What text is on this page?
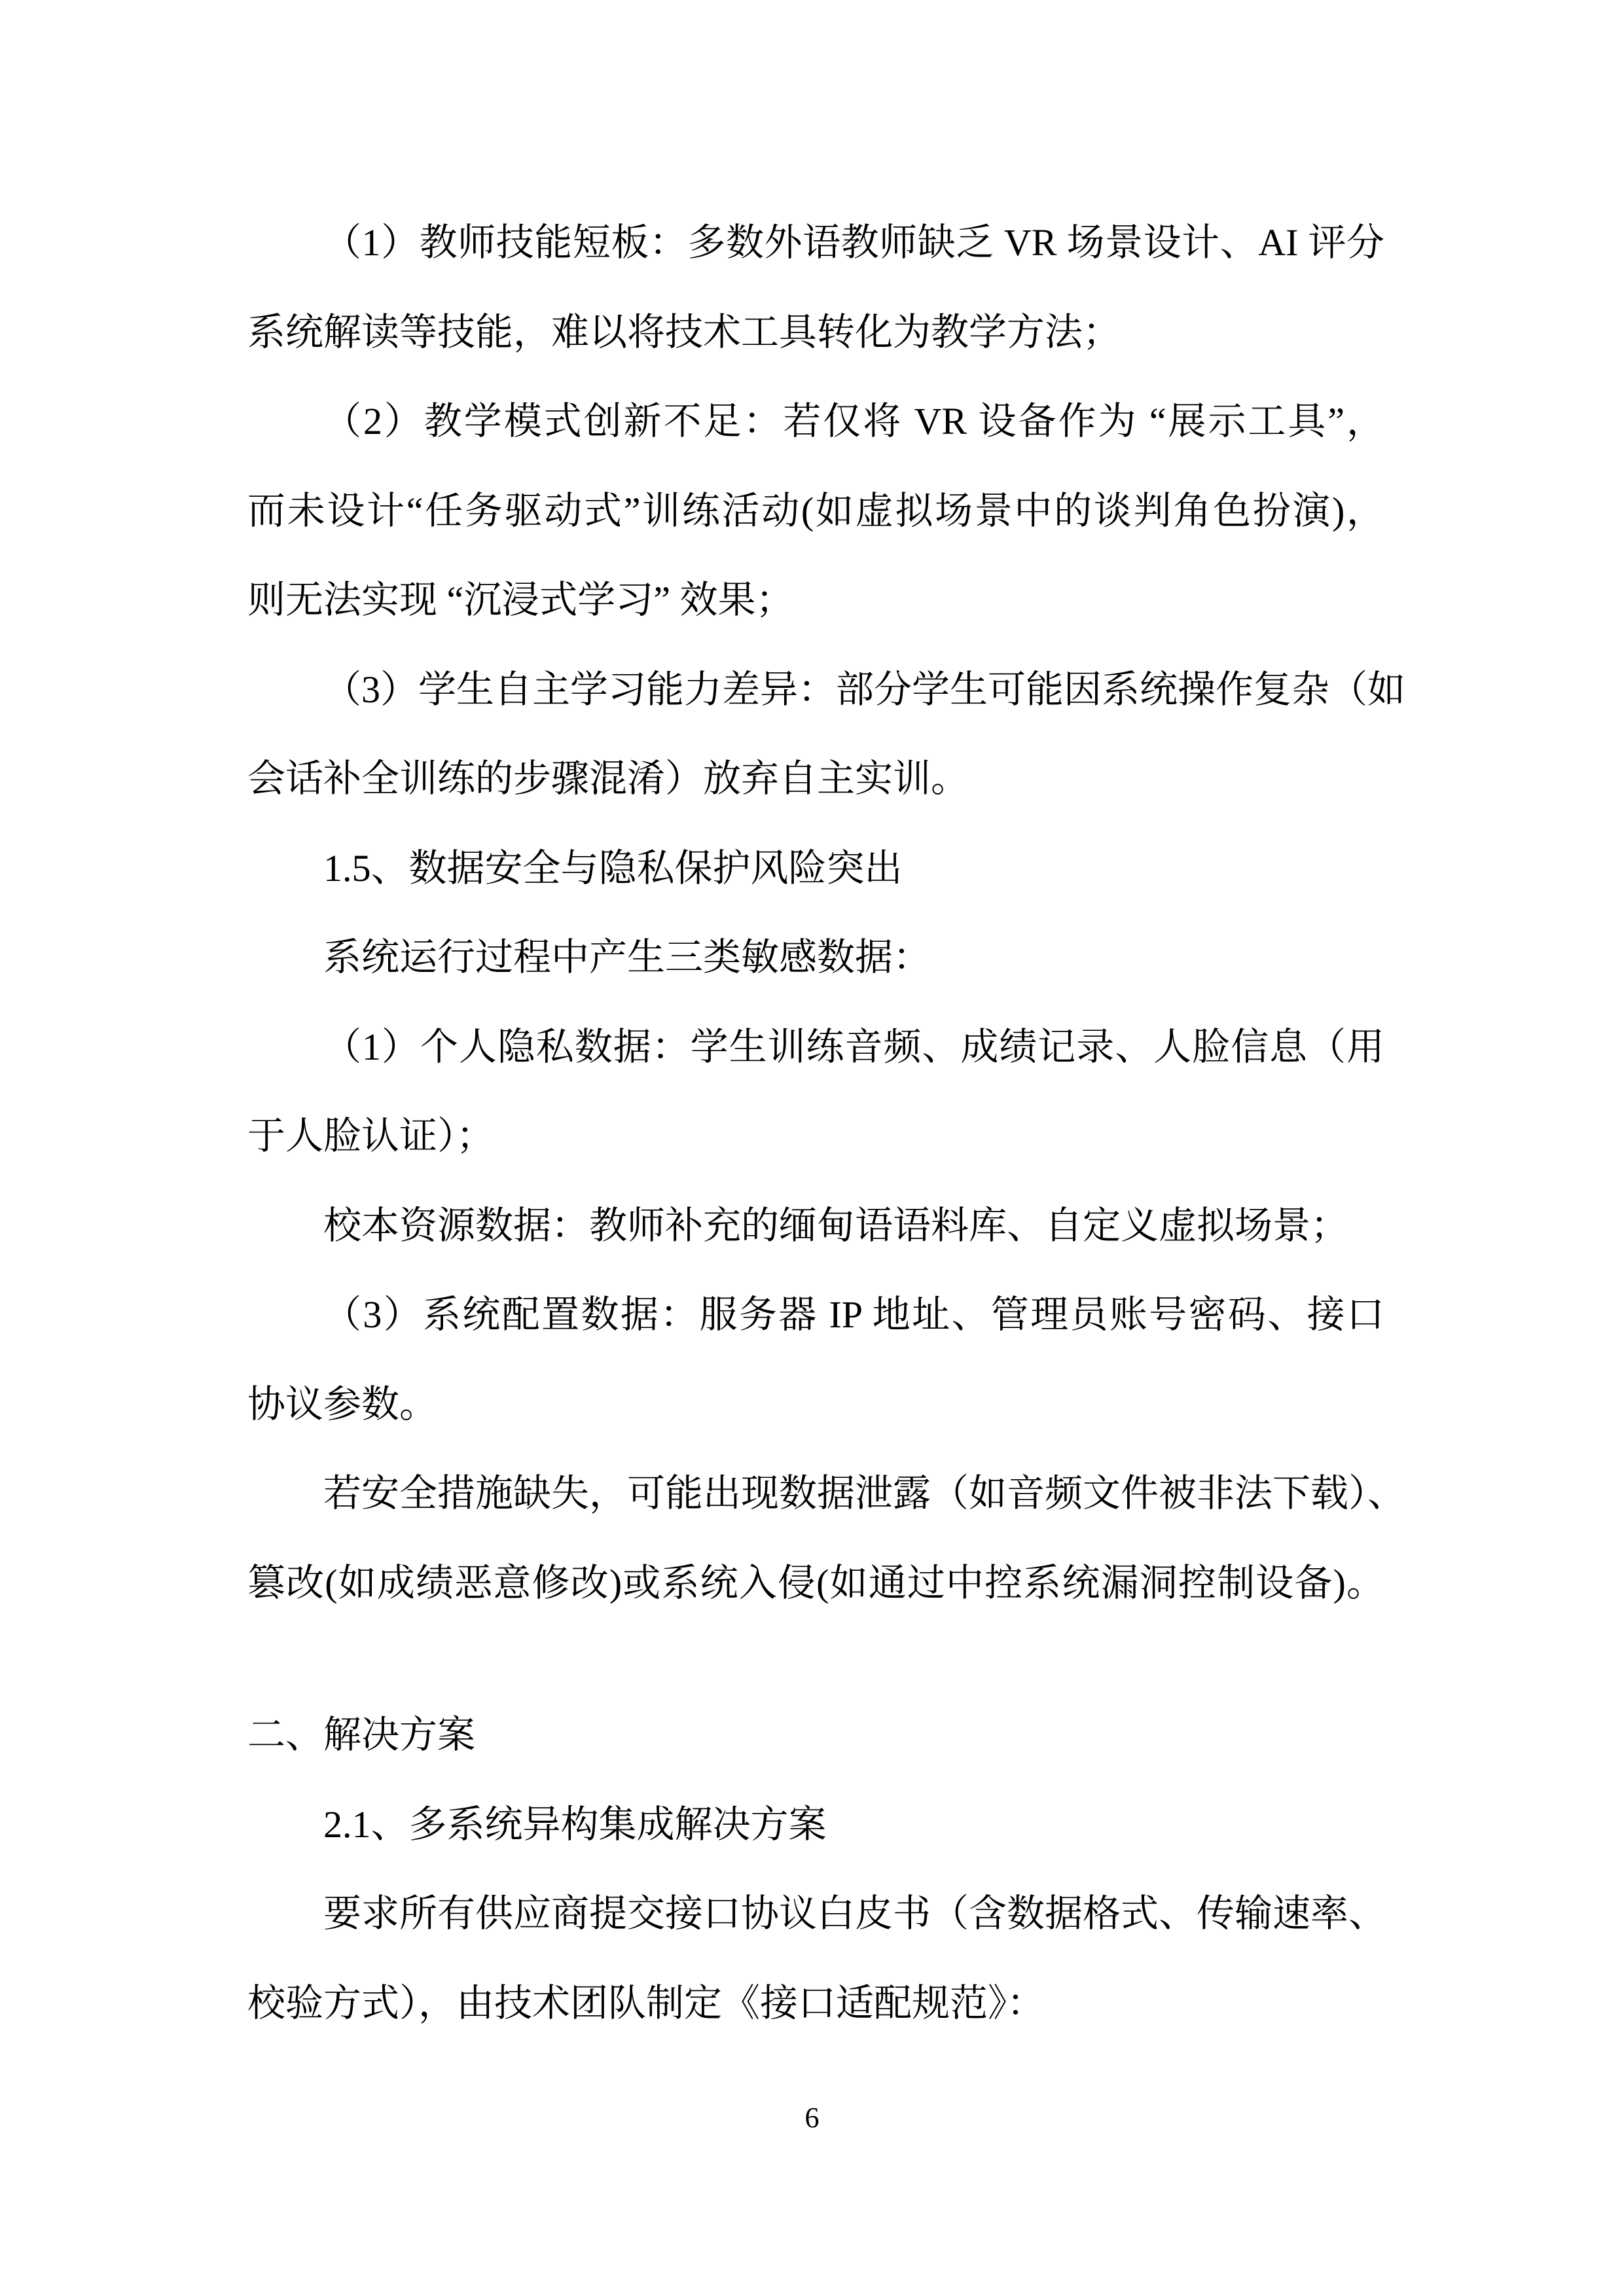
（1）教师技能短板：多数外语教师缺乏 VR 场景设计、AI 评分
系统解读等技能，难以将技术工具转化为教学方法；
（2）教学模式创新不足：若仅将 VR 设备作为 “展示工具”，
而未设计“任务驱动式”训练活动(如虚拟场景中的谈判角色扮演)，
则无法实现 “沉浸式学习” 效果；
（3）学生自主学习能力差异：部分学生可能因系统操作复杂（如
会话补全训练的步骤混淆）放弃自主实训。
1.5、数据安全与隐私保护风险突出
系统运行过程中产生三类敏感数据：
（1）个人隐私数据：学生训练音频、成绩记录、人脸信息（用
于人脸认证）；
校本资源数据：教师补充的缅甸语语料库、自定义虚拟场景；
（3）系统配置数据：服务器 IP 地址、管理员账号密码、接口
协议参数。
若安全措施缺失，可能出现数据泄露（如音频文件被非法下载）、
篡改(如成绩恶意修改)或系统入侵(如通过中控系统漏洞控制设备)。
二、解决方案
2.1、多系统异构集成解决方案
要求所有供应商提交接口协议白皮书（含数据格式、传输速率、
校验方式），由技术团队制定《接口适配规范》：
6
